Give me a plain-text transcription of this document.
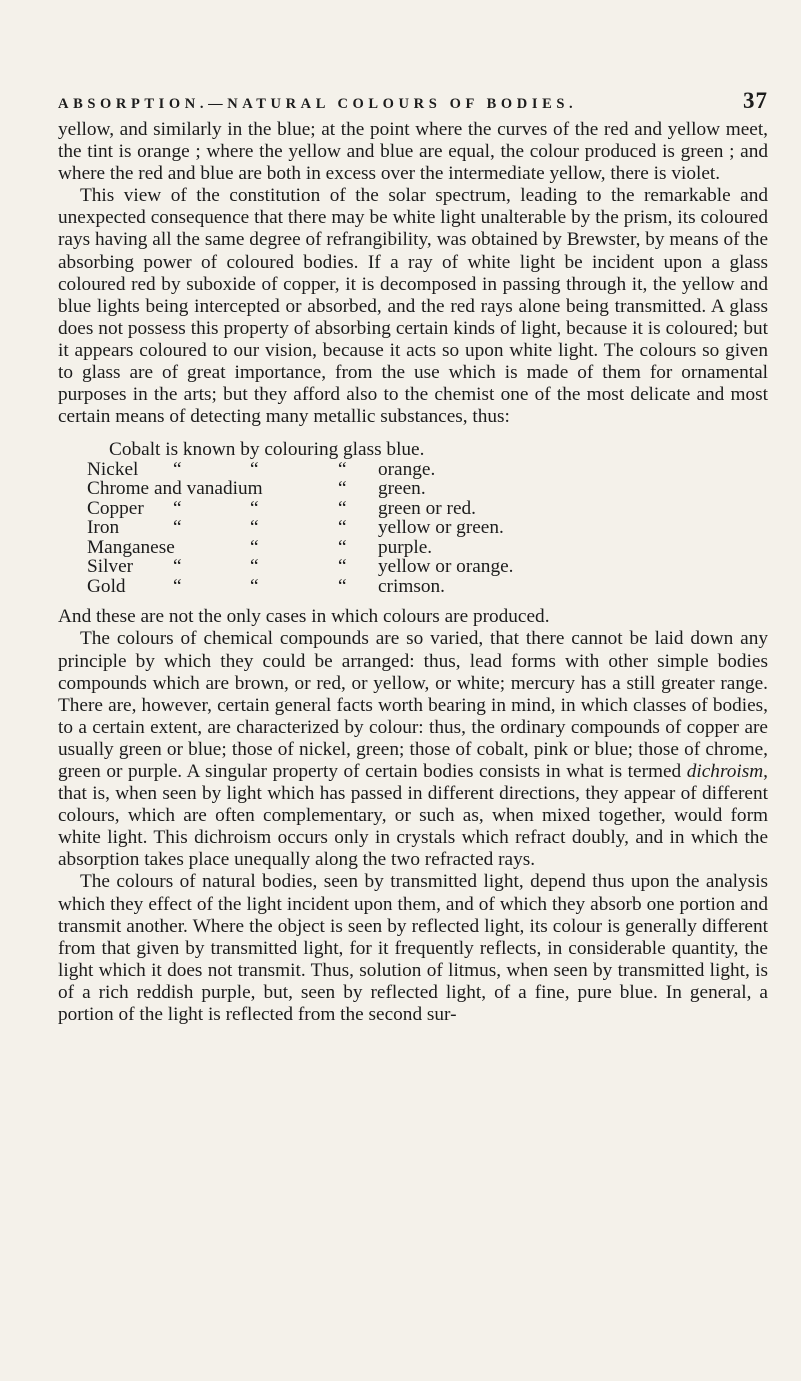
ABSORPTION.—NATURAL COLOURS OF BODIES.	37

yellow, and similarly in the blue; at the point where the curves of the red and yellow meet, the tint is orange ; where the yellow and blue are equal, the colour produced is green ; and where the red and blue are both in excess over the intermediate yellow, there is violet.

This view of the constitution of the solar spectrum, leading to the remarkable and unexpected consequence that there may be white light unalterable by the prism, its coloured rays having all the same degree of refrangibility, was obtained by Brewster, by means of the absorbing power of coloured bodies. If a ray of white light be incident upon a glass coloured red by suboxide of copper, it is decomposed in passing through it, the yellow and blue lights being intercepted or absorbed, and the red rays alone being transmitted. A glass does not possess this property of absorbing certain kinds of light, because it is coloured; but it appears coloured to our vision, because it acts so upon white light. The colours so given to glass are of great importance, from the use which is made of them for ornamental purposes in the arts; but they afford also to the chemist one of the most delicate and most certain means of detecting many metallic substances, thus:

Cobalt is known by colouring glass blue.

Nickel “	“	“ orange.
Chrome and vanadium	“ green.
Copper “	“	“ green or red.
Iron	“	“	“ yellow or green.
Manganese	“	“ purple.
Silver “	“	“ yellow or orange.
Gold “	“	“ crimson.

And these are not the only cases in which colours are produced.

The colours of chemical compounds are so varied, that there cannot be laid down any principle by which they could be arranged: thus, lead forms with other simple bodies compounds which are brown, or red, or yellow, or white; mercury has a still greater range. There are, however, certain general facts worth bearing in mind, in which classes of bodies, to a certain extent, are characterized by colour: thus, the ordinary compounds of copper are usually green or blue; those of nickel, green; those of cobalt, pink or blue; those of chrome, green or purple. A singular property of certain bodies consists in what is termed dichroism, that is, when seen by light which has passed in different directions, they appear of different colours, which are often complementary, or such as, when mixed together, would form white light. This dichroism occurs only in crystals which refract doubly, and in which the absorption takes place unequally along the two refracted rays.

The colours of natural bodies, seen by transmitted light, depend thus upon the analysis which they effect of the light incident upon them, and of which they absorb one portion and transmit another. Where the object is seen by reflected light, its colour is generally different from that given by transmitted light, for it frequently reflects, in considerable quantity, the light which it does not transmit. Thus, solution of litmus, when seen by transmitted light, is of a rich reddish purple, but, seen by reflected light, of a fine, pure blue. In general, a portion of the light is reflected from the second sur-
